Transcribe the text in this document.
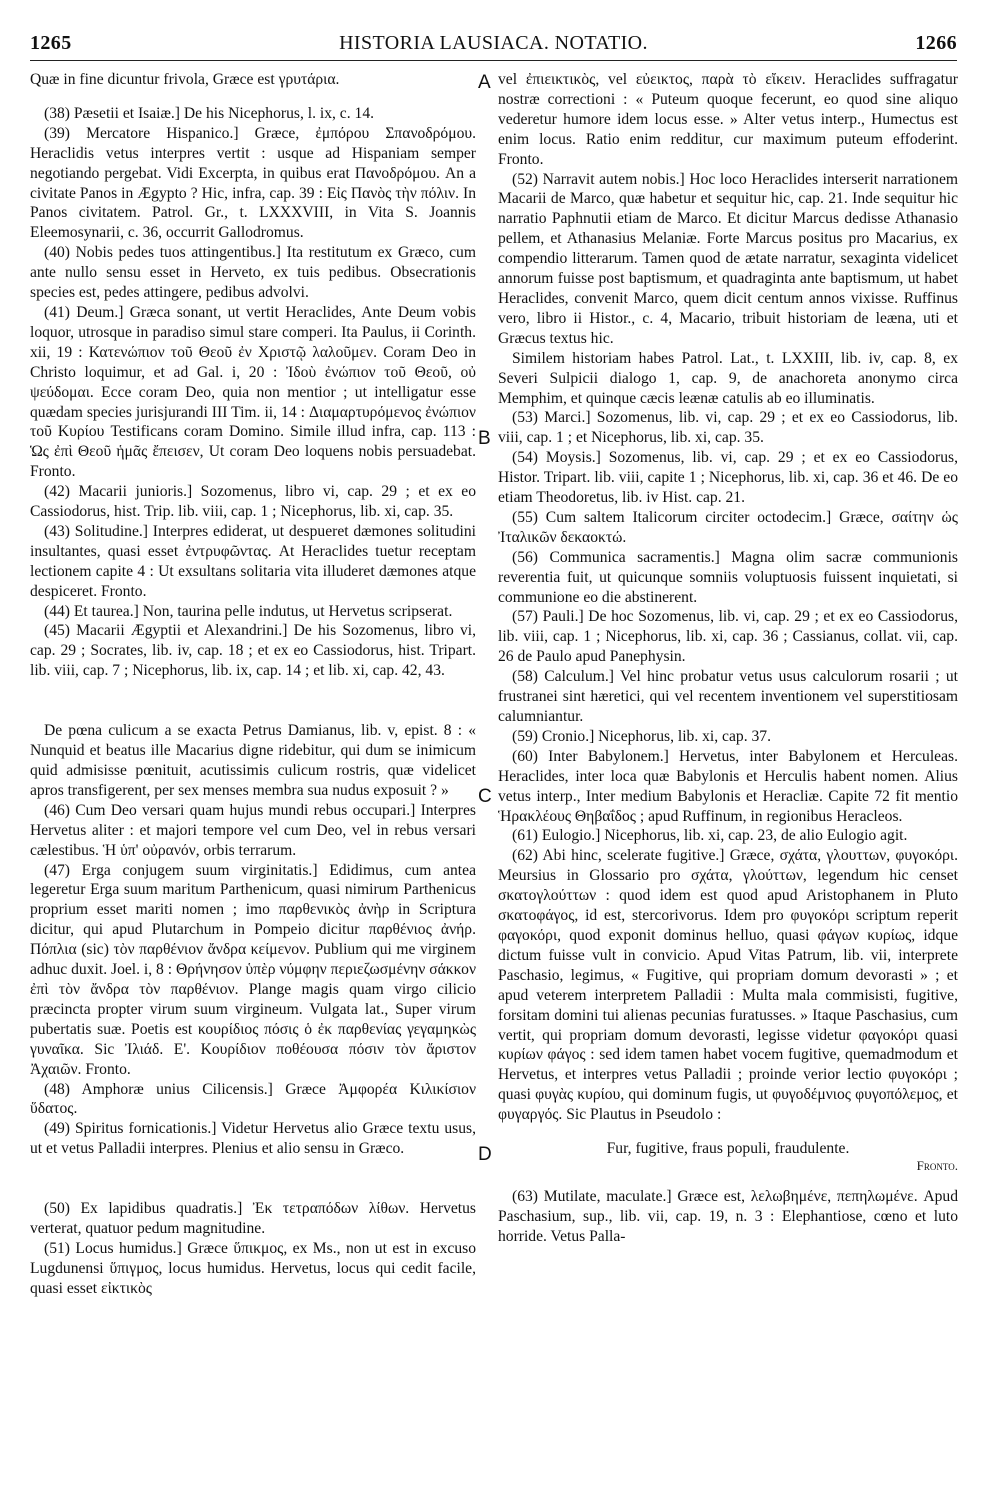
1265	HISTORIA LAUSIACA. NOTATIO.	1266
A
B
C
D

Quæ in fine dicuntur frivola, Græce est γρυτάρια.

(38) Pæsetii et Isaiæ.] De his Nicephorus, l. ix, c. 14.

(39) Mercatore Hispanico.] Græce, ἐμπόρου Σπανοδρόμου. Heraclidis vetus interpres vertit : usque ad Hispaniam semper negotiando pergebat. Vidi Excerpta, in quibus erat Πανοδρόμου. An a civitate Panos in Ægypto ? Hic, infra, cap. 39 : Εἰς Πανὸς τὴν πόλιν. In Panos civitatem. Patrol. Gr., t. LXXXVIII, in Vita S. Joannis Eleemosynarii, c. 36, occurrit Gallodromus.

(40) Nobis pedes tuos attingentibus.] Ita restitutum ex Græco, cum ante nullo sensu esset in Herveto, ex tuis pedibus. Obsecrationis species est, pedes attingere, pedibus advolvi.

(41) Deum.] Græca sonant, ut vertit Heraclides, Ante Deum vobis loquor, utrosque in paradiso simul stare comperi. Ita Paulus, ii Corinth. xii, 19 : Κατενώπιον τοῦ Θεοῦ ἐν Χριστῷ λαλοῦμεν. Coram Deo in Christo loquimur, et ad Gal. i, 20 : Ἰδοὺ ἐνώπιον τοῦ Θεοῦ, οὐ ψεύδομαι. Ecce coram Deo, quia non mentior ; ut intelligatur esse quædam species jurisjurandi III Tim. ii, 14 : Διαμαρτυρόμενος ἐνώπιον τοῦ Κυρίου Testificans coram Domino. Simile illud infra, cap. 113 : Ὡς ἐπὶ Θεοῦ ἡμᾶς ἔπεισεν, Ut coram Deo loquens nobis persuadebat. Fronto.

(42) Macarii junioris.] Sozomenus, libro vi, cap. 29 ; et ex eo Cassiodorus, hist. Trip. lib. viii, cap. 1 ; Nicephorus, lib. xi, cap. 35.

(43) Solitudine.] Interpres ediderat, ut despueret dæmones solitudini insultantes, quasi esset ἐντρυφῶντας. At Heraclides tuetur receptam lectionem capite 4 : Ut exsultans solitaria vita illuderet dæmones atque despiceret. Fronto.

(44) Et taurea.] Non, taurina pelle indutus, ut Hervetus scripserat.

(45) Macarii Ægyptii et Alexandrini.] De his Sozomenus, libro vi, cap. 29 ; Socrates, lib. iv, cap. 18 ; et ex eo Cassiodorus, hist. Tripart. lib. viii, cap. 7 ; Nicephorus, lib. ix, cap. 14 ; et lib. xi, cap. 42, 43.

De pœna culicum a se exacta Petrus Damianus, lib. v, epist. 8 : « Nunquid et beatus ille Macarius digne ridebitur, qui dum se inimicum quid admisisse pœnituit, acutissimis culicum rostris, quæ videlicet apros transfigerent, per sex menses membra sua nudus exposuit ? »

(46) Cum Deo versari quam hujus mundi rebus occupari.] Interpres Hervetus aliter : et majori tempore vel cum Deo, vel in rebus versari cælestibus. Ἡ ὑπ' οὐρανόν, orbis terrarum.

(47) Erga conjugem suum virginitatis.] Edidimus, cum antea legeretur Erga suum maritum Parthenicum, quasi nimirum Parthenicus proprium esset mariti nomen ; imo παρθενικὸς ἀνὴρ in Scriptura dicitur, qui apud Plutarchum in Pompeio dicitur παρθένιος ἀνήρ. Πόπλια (sic) τὸν παρθένιον ἄνδρα κείμενον. Publium qui me virginem adhuc duxit. Joel. i, 8 : Θρήνησον ὑπὲρ νύμφην περιεζωσμένην σάκκον ἐπὶ τὸν ἄνδρα τὸν παρθένιον. Plange magis quam virgo cilicio præcincta propter virum suum virgineum. Vulgata lat., Super virum pubertatis suæ. Poetis est κουρίδιος πόσις ὁ ἐκ παρθενίας γεγαμηκὼς γυναῖκα. Sic Ἰλιάδ. Ε'. Κουρίδιον ποθέουσα πόσιν τὸν ἄριστον Ἀχαιῶν. Fronto.

(48) Amphoræ unius Cilicensis.] Græce Ἀμφορέα Κιλικίσιον ὕδατος.

(49) Spiritus fornicationis.] Videtur Hervetus alio Græce textu usus, ut et vetus Palladii interpres. Plenius et alio sensu in Græco.

(50) Ex lapidibus quadratis.] Ἐκ τετραπόδων λίθων. Hervetus verterat, quatuor pedum magnitudine.

(51) Locus humidus.] Græce ὕπικμος, ex Ms., non ut est in excuso Lugdunensi ὕπιγμος, locus humidus. Hervetus, locus qui cedit facile, quasi esset εἰκτικὸς

vel ἐπιεικτικὸς, vel εὐεικτος, παρὰ τὸ εἴκειν. Heraclides suffragatur nostræ correctioni : « Puteum quoque fecerunt, eo quod sine aliquo vederetur humore idem locus esse. » Alter vetus interp., Humectus est enim locus. Ratio enim redditur, cur maximum puteum effoderint. Fronto.

(52) Narravit autem nobis.] Hoc loco Heraclides interserit narrationem Macarii de Marco, quæ habetur et sequitur hic, cap. 21. Inde sequitur hic narratio Paphnutii etiam de Marco. Et dicitur Marcus dedisse Athanasio pellem, et Athanasius Melaniæ. Forte Marcus positus pro Macarius, ex compendio litterarum. Tamen quod de ætate narratur, sexaginta videlicet annorum fuisse post baptismum, et quadraginta ante baptismum, ut habet Heraclides, convenit Marco, quem dicit centum annos vixisse. Ruffinus vero, libro ii Histor., c. 4, Macario, tribuit historiam de leæna, uti et Græcus textus hic.

Similem historiam habes Patrol. Lat., t. LXXIII, lib. iv, cap. 8, ex Severi Sulpicii dialogo 1, cap. 9, de anachoreta anonymo circa Memphim, et quinque cæcis leænæ catulis ab eo illuminatis.

(53) Marci.] Sozomenus, lib. vi, cap. 29 ; et ex eo Cassiodorus, lib. viii, cap. 1 ; et Nicephorus, lib. xi, cap. 35.

(54) Moysis.] Sozomenus, lib. vi, cap. 29 ; et ex eo Cassiodorus, Histor. Tripart. lib. viii, capite 1 ; Nicephorus, lib. xi, cap. 36 et 46. De eo etiam Theodoretus, lib. iv Hist. cap. 21.

(55) Cum saltem Italicorum circiter octodecim.] Græce, σαίτην ὡς Ἰταλικῶν δεκαοκτώ.

(56) Communica sacramentis.] Magna olim sacræ communionis reverentia fuit, ut quicunque somniis voluptuosis fuissent inquietati, si communione eo die abstinerent.

(57) Pauli.] De hoc Sozomenus, lib. vi, cap. 29 ; et ex eo Cassiodorus, lib. viii, cap. 1 ; Nicephorus, lib. xi, cap. 36 ; Cassianus, collat. vii, cap. 26 de Paulo apud Panephysin.

(58) Calculum.] Vel hinc probatur vetus usus calculorum rosarii ; ut frustranei sint hæretici, qui vel recentem inventionem vel superstitiosam calumniantur.

(59) Cronio.] Nicephorus, lib. xi, cap. 37.

(60) Inter Babylonem.] Hervetus, inter Babylonem et Herculeas. Heraclides, inter loca quæ Babylonis et Herculis habent nomen. Alius vetus interp., Inter medium Babylonis et Heracliæ. Capite 72 fit mentio Ἡρακλέους Θηβαΐδος ; apud Ruffinum, in regionibus Heracleos.

(61) Eulogio.] Nicephorus, lib. xi, cap. 23, de alio Eulogio agit.

(62) Abi hinc, scelerate fugitive.] Græce, σχάτα, γλουττων, φυγοκόρι. Meursius in Glossario pro σχάτα, γλούττων, legendum hic censet σκατογλούττων : quod idem est quod apud Aristophanem in Pluto σκατοφάγος, id est, stercorivorus. Idem pro φυγοκόρι scriptum reperit φαγοκόρι, quod exponit dominus helluo, quasi φάγων κυρίως, idque dictum fuisse vult in convicio. Apud Vitas Patrum, lib. vii, interprete Paschasio, legimus, « Fugitive, qui propriam domum devorasti » ; et apud veterem interpretem Palladii : Multa mala commisisti, fugitive, forsitam domini tui alienas pecunias furatusses. » Itaque Paschasius, cum vertit, qui propriam domum devorasti, legisse videtur φαγοκόρι quasi κυρίων φάγος : sed idem tamen habet vocem fugitive, quemadmodum et Hervetus, et interpres vetus Palladii ; proinde verior lectio φυγοκόρι ; quasi φυγὰς κυρίου, qui dominum fugis, ut φυγοδέμνιος φυγοπόλεμος, et φυγαργός. Sic Plautus in Pseudolo :

Fur, fugitive, fraus populi, fraudulente.

Fronto.

(63) Mutilate, maculate.] Græce est, λελωβημένε, πεπηλωμένε. Apud Paschasium, sup., lib. vii, cap. 19, n. 3 : Elephantiose, cœno et luto horride. Vetus Palla-
